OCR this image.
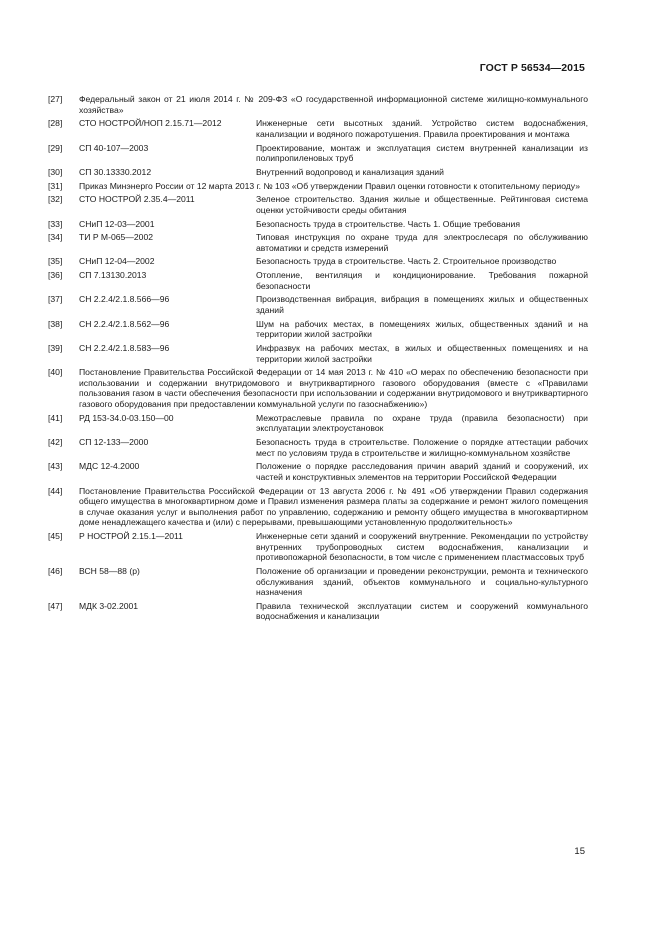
ГОСТ Р 56534—2015
[27]	Федеральный закон от 21 июля 2014 г. № 209-ФЗ «О государственной информационной системе жилищно-коммунального хозяйства»
[28]	СТО НОСТРОЙ/НОП 2.15.71—2012	Инженерные сети высотных зданий. Устройство систем водоснабжения, канализации и водяного пожаротушения. Правила проектирования и монтажа
[29]	СП 40-107—2003	Проектирование, монтаж и эксплуатация систем внутренней канализации из полипропиленовых труб
[30]	СП 30.13330.2012	Внутренний водопровод и канализация зданий
[31]	Приказ Минэнерго России от 12 марта 2013 г. № 103 «Об утверждении Правил оценки готовности к отопительному периоду»
[32]	СТО НОСТРОЙ 2.35.4—2011	Зеленое строительство. Здания жилые и общественные. Рейтинговая система оценки устойчивости среды обитания
[33]	СНиП 12-03—2001	Безопасность труда в строительстве. Часть 1. Общие требования
[34]	ТИ Р М-065—2002	Типовая инструкция по охране труда для электрослесаря по обслуживанию автоматики и средств измерений
[35]	СНиП 12-04—2002	Безопасность труда в строительстве. Часть 2. Строительное производство
[36]	СП 7.13130.2013	Отопление, вентиляция и кондиционирование. Требования пожарной безопасности
[37]	СН 2.2.4/2.1.8.566—96	Производственная вибрация, вибрация в помещениях жилых и общественных зданий
[38]	СН 2.2.4/2.1.8.562—96	Шум на рабочих местах, в помещениях жилых, общественных зданий и на территории жилой застройки
[39]	СН 2.2.4/2.1.8.583—96	Инфразвук на рабочих местах, в жилых и общественных помещениях и на территории жилой застройки
[40]	Постановление Правительства Российской Федерации от 14 мая 2013 г. № 410 «О мерах по обеспечению безопасности при использовании и содержании внутридомового и внутриквартирного газового оборудования (вместе с «Правилами пользования газом в части обеспечения безопасности при использовании и содержании внутридомового и внутриквартирного газового оборудования при предоставлении коммунальной услуги по газоснабжению»)
[41]	РД 153-34.0-03.150—00	Межотраслевые правила по охране труда (правила безопасности) при эксплуатации электроустановок
[42]	СП 12-133—2000	Безопасность труда в строительстве. Положение о порядке аттестации рабочих мест по условиям труда в строительстве и жилищно-коммунальном хозяйстве
[43]	МДС 12-4.2000	Положение о порядке расследования причин аварий зданий и сооружений, их частей и конструктивных элементов на территории Российской Федерации
[44]	Постановление Правительства Российской Федерации от 13 августа 2006 г. № 491 «Об утверждении Правил содержания общего имущества в многоквартирном доме и Правил изменения размера платы за содержание и ремонт жилого помещения в случае оказания услуг и выполнения работ по управлению, содержанию и ремонту общего имущества в многоквартирном доме ненадлежащего качества и (или) с перерывами, превышающими установленную продолжительность»
[45]	Р НОСТРОЙ 2.15.1—2011	Инженерные сети зданий и сооружений внутренние. Рекомендации по устройству внутренних трубопроводных систем водоснабжения, канализации и противопожарной безопасности, в том числе с применением пластмассовых труб
[46]	ВСН 58—88 (р)	Положение об организации и проведении реконструкции, ремонта и технического обслуживания зданий, объектов коммунального и социально-культурного назначения
[47]	МДК 3-02.2001	Правила технической эксплуатации систем и сооружений коммунального водоснабжения и канализации
15
